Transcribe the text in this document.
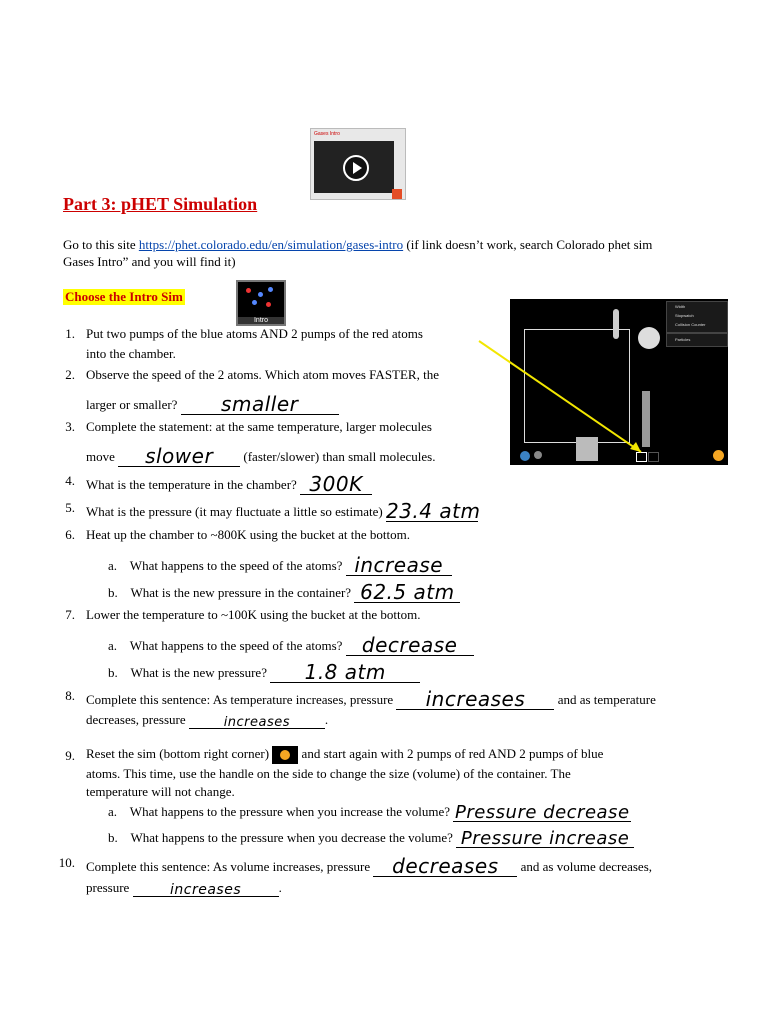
Gases Intro
Part 3: pHET Simulation
Go to this site https://phet.colorado.edu/en/simulation/gases-intro (if link doesn’t work, search Colorado phet sim
Gases Intro” and you will find it)
Choose the Intro Sim
Intro
Width
Stopwatch
Collision Counter
Particles
1. Put two pumps of the blue atoms AND 2 pumps of the red atoms
into the chamber.
2. Observe the speed of the 2 atoms. Which atom moves FASTER, the
larger or smaller? smaller
3. Complete the statement: at the same temperature, larger molecules
move slower (faster/slower) than small molecules.
4. What is the temperature in the chamber? 300K
5. What is the pressure (it may fluctuate a little so estimate) 23.4 atm
6. Heat up the chamber to ~800K using the bucket at the bottom.
a. What happens to the speed of the atoms? increase
b. What is the new pressure in the container? 62.5 atm
7. Lower the temperature to ~100K using the bucket at the bottom.
a. What happens to the speed of the atoms? decrease
b. What is the new pressure? 1.8 atm
8. Complete this sentence: As temperature increases, pressure increases and as temperature
decreases, pressure	increases	.
9. Reset the sim (bottom right corner)	and start again with 2 pumps of red AND 2 pumps of blue
atoms. This time, use the handle on the side to change the size (volume) of the container. The
temperature will not change.
a. What happens to the pressure when you increase the volume? Pressure decrease
b. What happens to the pressure when you decrease the volume? Pressure increase
10. Complete this sentence: As volume increases, pressure decreases and as volume decreases,
pressure	increases	.
